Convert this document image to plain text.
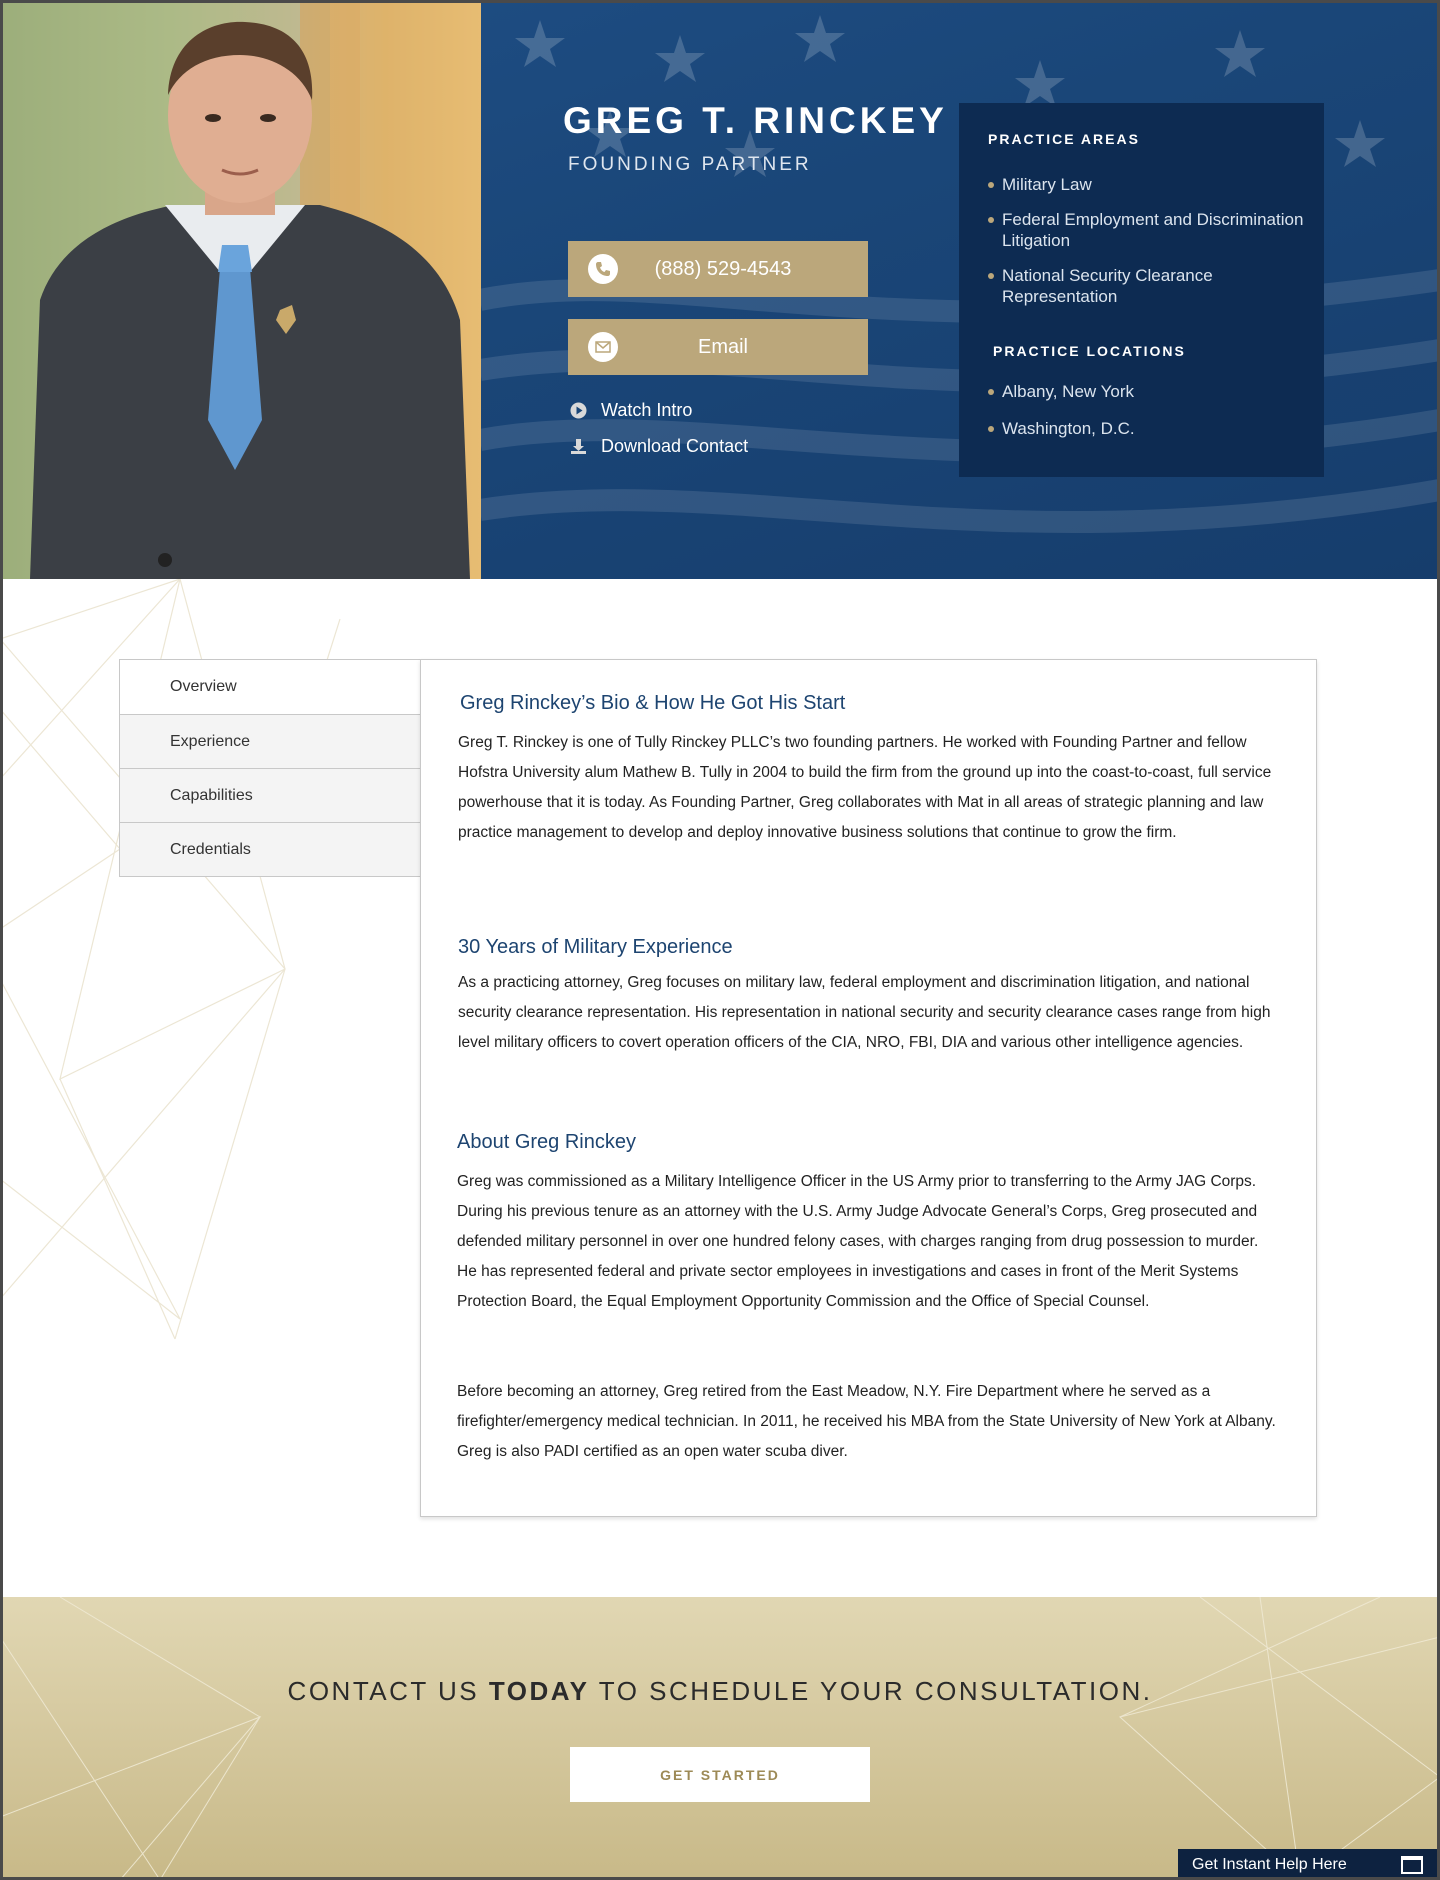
GREG T. RINCKEY
FOUNDING PARTNER
(888) 529-4543
Email
Watch Intro
Download Contact
PRACTICE AREAS
Military Law
Federal Employment and Discrimination Litigation
National Security Clearance Representation
PRACTICE LOCATIONS
Albany, New York
Washington, D.C.
Overview
Experience
Capabilities
Credentials
Greg Rinckey’s Bio & How He Got His Start
Greg T. Rinckey is one of Tully Rinckey PLLC’s two founding partners. He worked with Founding Partner and fellow Hofstra University alum Mathew B. Tully in 2004 to build the firm from the ground up into the coast-to-coast, full service powerhouse that it is today. As Founding Partner, Greg collaborates with Mat in all areas of strategic planning and law practice management to develop and deploy innovative business solutions that continue to grow the firm.
30 Years of Military Experience
As a practicing attorney, Greg focuses on military law, federal employment and discrimination litigation, and national security clearance representation. His representation in national security and security clearance cases range from high level military officers to covert operation officers of the CIA, NRO, FBI, DIA and various other intelligence agencies.
About Greg Rinckey
Greg was commissioned as a Military Intelligence Officer in the US Army prior to transferring to the Army JAG Corps. During his previous tenure as an attorney with the U.S. Army Judge Advocate General’s Corps, Greg prosecuted and defended military personnel in over one hundred felony cases, with charges ranging from drug possession to murder. He has represented federal and private sector employees in investigations and cases in front of the Merit Systems Protection Board, the Equal Employment Opportunity Commission and the Office of Special Counsel.
Before becoming an attorney, Greg retired from the East Meadow, N.Y. Fire Department where he served as a firefighter/emergency medical technician. In 2011, he received his MBA from the State University of New York at Albany. Greg is also PADI certified as an open water scuba diver.
CONTACT US TODAY TO SCHEDULE YOUR CONSULTATION.
GET STARTED
Get Instant Help Here
